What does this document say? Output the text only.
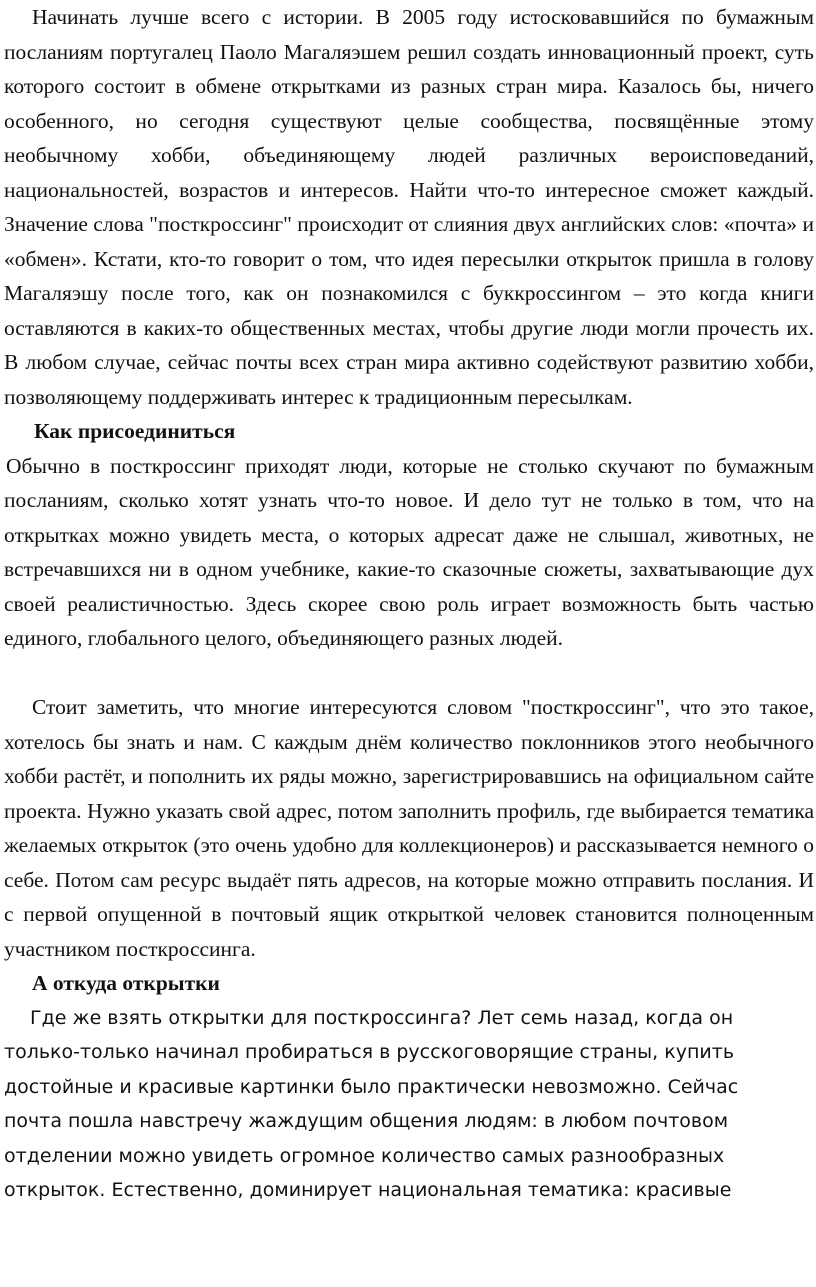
Начинать лучше всего с истории. В 2005 году истосковавшийся по бумажным посланиям португалец Паоло Магаляэшем решил создать инновационный проект, суть которого состоит в обмене открытками из разных стран мира. Казалось бы, ничего особенного, но сегодня существуют целые сообщества, посвящённые этому необычному хобби, объединяющему людей различных вероисповеданий, национальностей, возрастов и интересов. Найти что-то интересное сможет каждый. Значение слова "посткроссинг" происходит от слияния двух английских слов: «почта» и «обмен». Кстати, кто-то говорит о том, что идея пересылки открыток пришла в голову Магаляэшу после того, как он познакомился с буккроссингом – это когда книги оставляются в каких-то общественных местах, чтобы другие люди могли прочесть их. В любом случае, сейчас почты всех стран мира активно содействуют развитию хобби, позволяющему поддерживать интерес к традиционным пересылкам.

Как присоединиться

Обычно в посткроссинг приходят люди, которые не столько скучают по бумажным посланиям, сколько хотят узнать что-то новое. И дело тут не только в том, что на открытках можно увидеть места, о которых адресат даже не слышал, животных, не встречавшихся ни в одном учебнике, какие-то сказочные сюжеты, захватывающие дух своей реалистичностью. Здесь скорее свою роль играет возможность быть частью единого, глобального целого, объединяющего разных людей.

Стоит заметить, что многие интересуются словом "посткроссинг", что это такое, хотелось бы знать и нам. С каждым днём количество поклонников этого необычного хобби растёт, и пополнить их ряды можно, зарегистрировавшись на официальном сайте проекта. Нужно указать свой адрес, потом заполнить профиль, где выбирается тематика желаемых открыток (это очень удобно для коллекционеров) и рассказывается немного о себе. Потом сам ресурс выдаёт пять адресов, на которые можно отправить послания. И с первой опущенной в почтовый ящик открыткой человек становится полноценным участником посткроссинга.

А откуда открытки

Где же взять открытки для посткроссинга? Лет семь назад, когда он только-только начинал пробираться в русскоговорящие страны, купить достойные и красивые картинки было практически невозможно. Сейчас почта пошла навстречу жаждущим общения людям: в любом почтовом отделении можно увидеть огромное количество самых разнообразных открыток. Естественно, доминирует национальная тематика: красивые
